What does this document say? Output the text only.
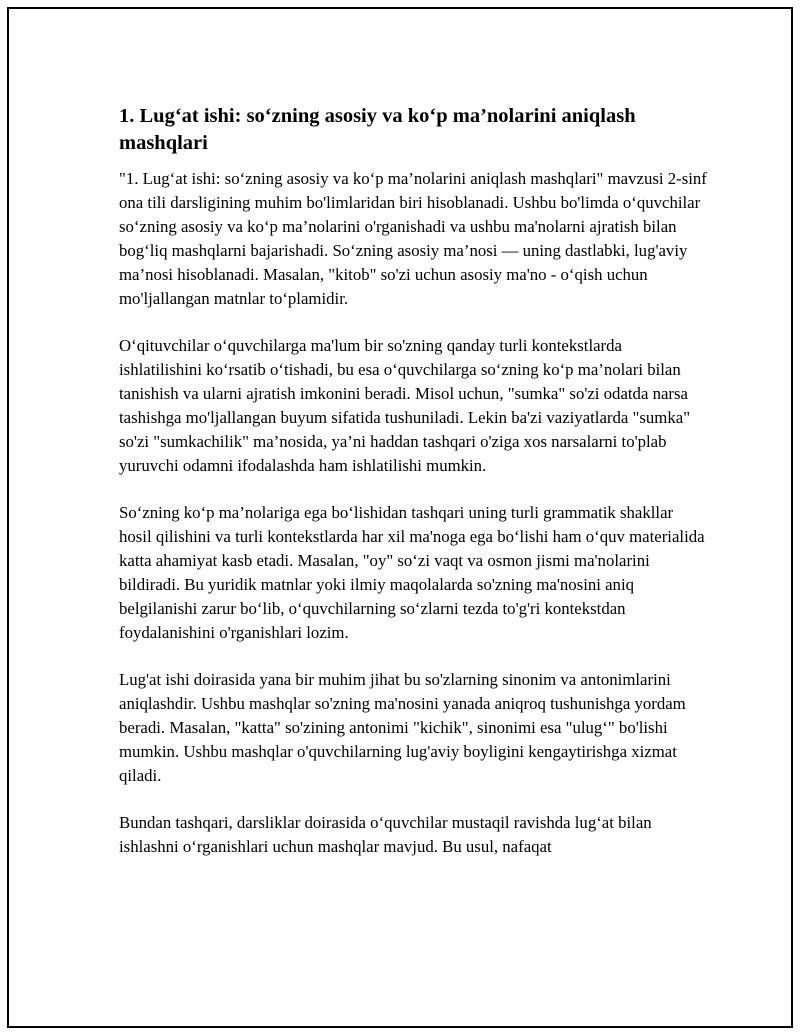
1. Lug‘at ishi: so‘zning asosiy va ko‘p ma’nolarini aniqlash mashqlari

"1. Lug‘at ishi: so‘zning asosiy va ko‘p ma’nolarini aniqlash mashqlari" mavzusi 2-sinf ona tili darsligining muhim bo'limlaridan biri hisoblanadi. Ushbu bo'limda o‘quvchilar so‘zning asosiy va ko‘p ma’nolarini o'rganishadi va ushbu ma'nolarni ajratish bilan bog‘liq mashqlarni bajarishadi. So‘zning asosiy ma’nosi — uning dastlabki, lug'aviy ma’nosi hisoblanadi. Masalan, "kitob" so'zi uchun asosiy ma'no - o‘qish uchun mo'ljallangan matnlar to‘plamidir.

O‘qituvchilar o‘quvchilarga ma'lum bir so'zning qanday turli kontekstlarda ishlatilishini ko‘rsatib o‘tishadi, bu esa o‘quvchilarga so‘zning ko‘p ma’nolari bilan tanishish va ularni ajratish imkonini beradi. Misol uchun, "sumka" so'zi odatda narsa tashishga mo'ljallangan buyum sifatida tushuniladi. Lekin ba'zi vaziyatlarda "sumka" so'zi "sumkachilik" ma’nosida, ya’ni haddan tashqari o'ziga xos narsalarni to'plab yuruvchi odamni ifodalashda ham ishlatilishi mumkin.

So‘zning ko‘p ma’nolariga ega bo‘lishidan tashqari uning turli grammatik shakllar hosil qilishini va turli kontekstlarda har xil ma'noga ega bo‘lishi ham o‘quv materialida katta ahamiyat kasb etadi. Masalan, "oy" so‘zi vaqt va osmon jismi ma'nolarini bildiradi. Bu yuridik matnlar yoki ilmiy maqolalarda so'zning ma'nosini aniq belgilanishi zarur bo‘lib, o‘quvchilarning so‘zlarni tezda to'g'ri kontekstdan foydalanishini o'rganishlari lozim.

Lug'at ishi doirasida yana bir muhim jihat bu so'zlarning sinonim va antonimlarini aniqlashdir. Ushbu mashqlar so'zning ma'nosini yanada aniqroq tushunishga yordam beradi. Masalan, "katta" so'zining antonimi "kichik", sinonimi esa "ulug‘" bo'lishi mumkin. Ushbu mashqlar o'quvchilarning lug'aviy boyligini kengaytirishga xizmat qiladi.

Bundan tashqari, darsliklar doirasida o‘quvchilar mustaqil ravishda lug‘at bilan ishlashni o‘rganishlari uchun mashqlar mavjud. Bu usul, nafaqat
